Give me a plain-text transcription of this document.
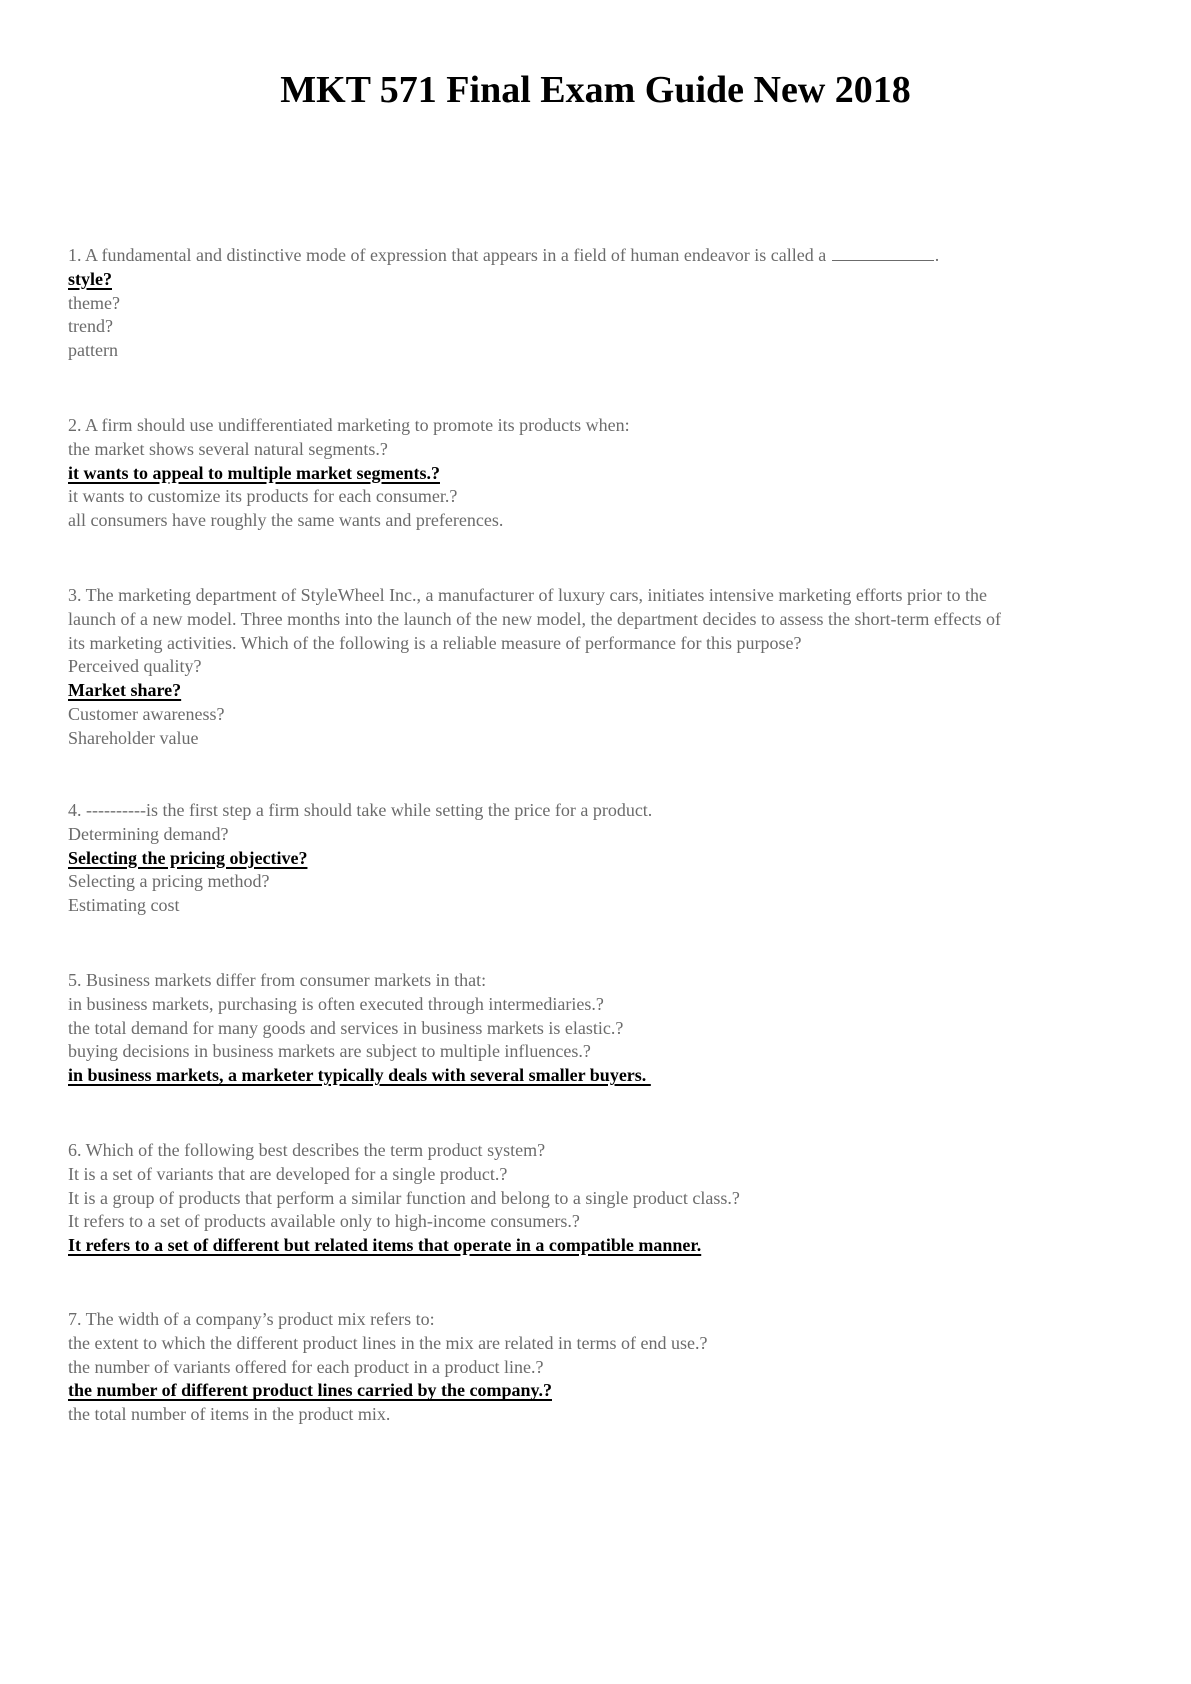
MKT 571 Final Exam Guide New 2018
1. A fundamental and distinctive mode of expression that appears in a field of human endeavor is called a	.
style?
theme?
trend?
pattern
2. A firm should use undifferentiated marketing to promote its products when:
the market shows several natural segments.?
it wants to appeal to multiple market segments.?
it wants to customize its products for each consumer.?
all consumers have roughly the same wants and preferences.
3. The marketing department of StyleWheel Inc., a manufacturer of luxury cars, initiates intensive marketing efforts prior to the
launch of a new model. Three months into the launch of the new model, the department decides to assess the short-term effects of
its marketing activities. Which of the following is a reliable measure of performance for this purpose?
Perceived quality?
Market share?
Customer awareness?
Shareholder value
4. ----------is the first step a firm should take while setting the price for a product.
Determining demand?
Selecting the pricing objective?
Selecting a pricing method?
Estimating cost
5. Business markets differ from consumer markets in that:
in business markets, purchasing is often executed through intermediaries.?
the total demand for many goods and services in business markets is elastic.?
buying decisions in business markets are subject to multiple influences.?
in business markets, a marketer typically deals with several smaller buyers.
6. Which of the following best describes the term product system?
It is a set of variants that are developed for a single product.?
It is a group of products that perform a similar function and belong to a single product class.?
It refers to a set of products available only to high-income consumers.?
It refers to a set of different but related items that operate in a compatible manner.
7. The width of a company’s product mix refers to:
the extent to which the different product lines in the mix are related in terms of end use.?
the number of variants offered for each product in a product line.?
the number of different product lines carried by the company.?
the total number of items in the product mix.
